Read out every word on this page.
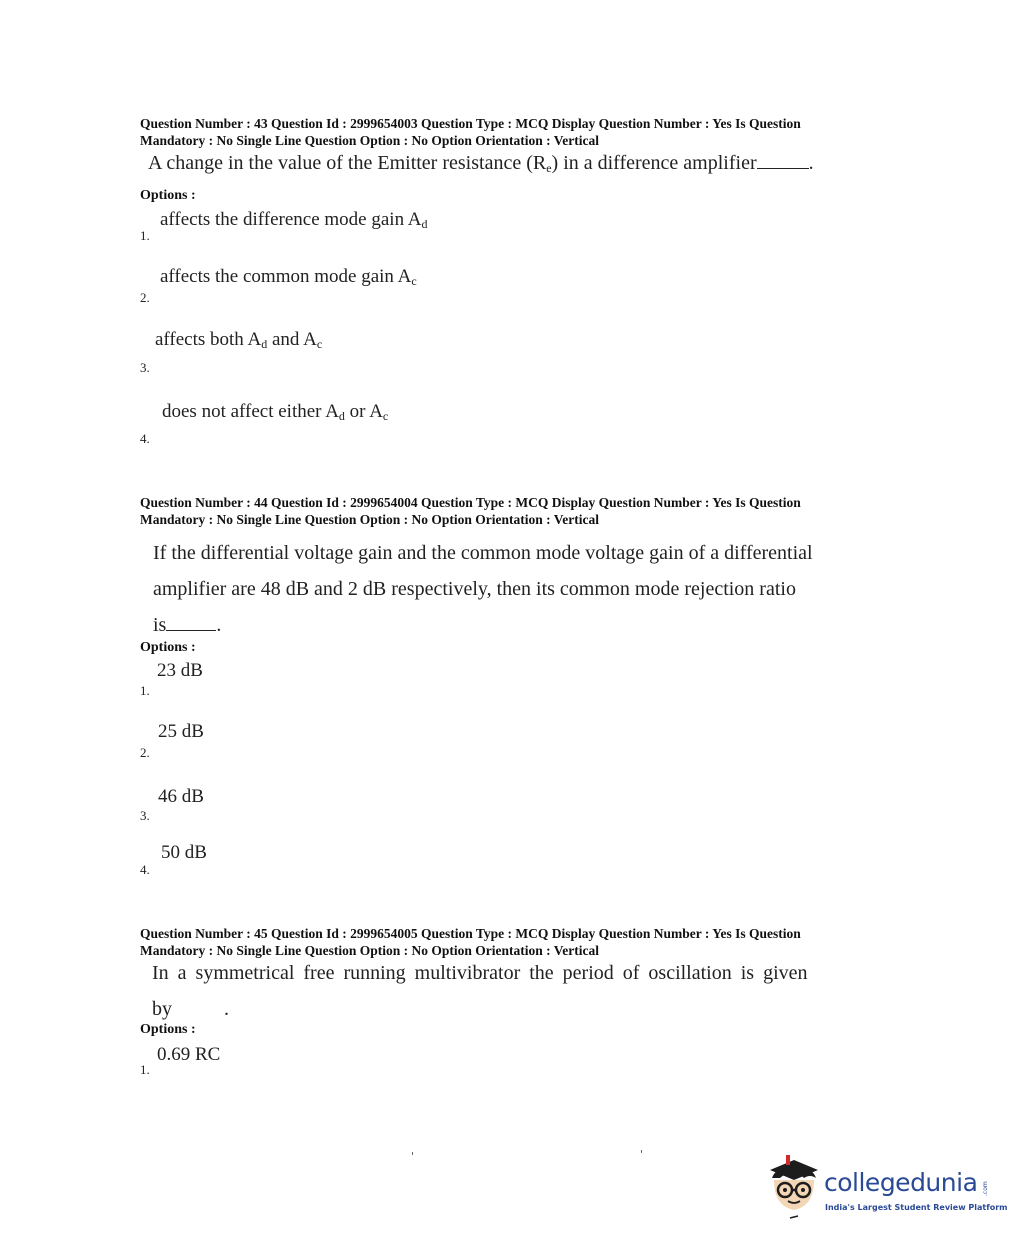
Question Number : 43 Question Id : 2999654003 Question Type : MCQ Display Question Number : Yes Is Question
Mandatory : No Single Line Question Option : No Option Orientation : Vertical
A change in the value of the Emitter resistance $(R_e)$ in a difference amplifier	.
Options :
affects the difference mode gain $A_d$
1.
affects the common mode gain $A_c$
2.
affects both $A_d$ and $A_c$
3.
does not affect either $A_d$ or $A_c$
4.
Question Number : 44 Question Id : 2999654004 Question Type : MCQ Display Question Number : Yes Is Question
Mandatory : No Single Line Question Option : No Option Orientation : Vertical
If the differential voltage gain and the common mode voltage gain of a differential
amplifier are 48 dB and 2 dB respectively, then its common mode rejection ratio
is	.
Options :
23 dB
1.
25 dB
2.
46 dB
3.
50 dB
4.
Question Number : 45 Question Id : 2999654005 Question Type : MCQ Display Question Number : Yes Is Question
Mandatory : No Single Line Question Option : No Option Orientation : Vertical
In a symmetrical free running multivibrator the period of oscillation is given
by	.
Options :
0.69 RC
1.
collegedunia .com
India's Largest Student Review Platform
